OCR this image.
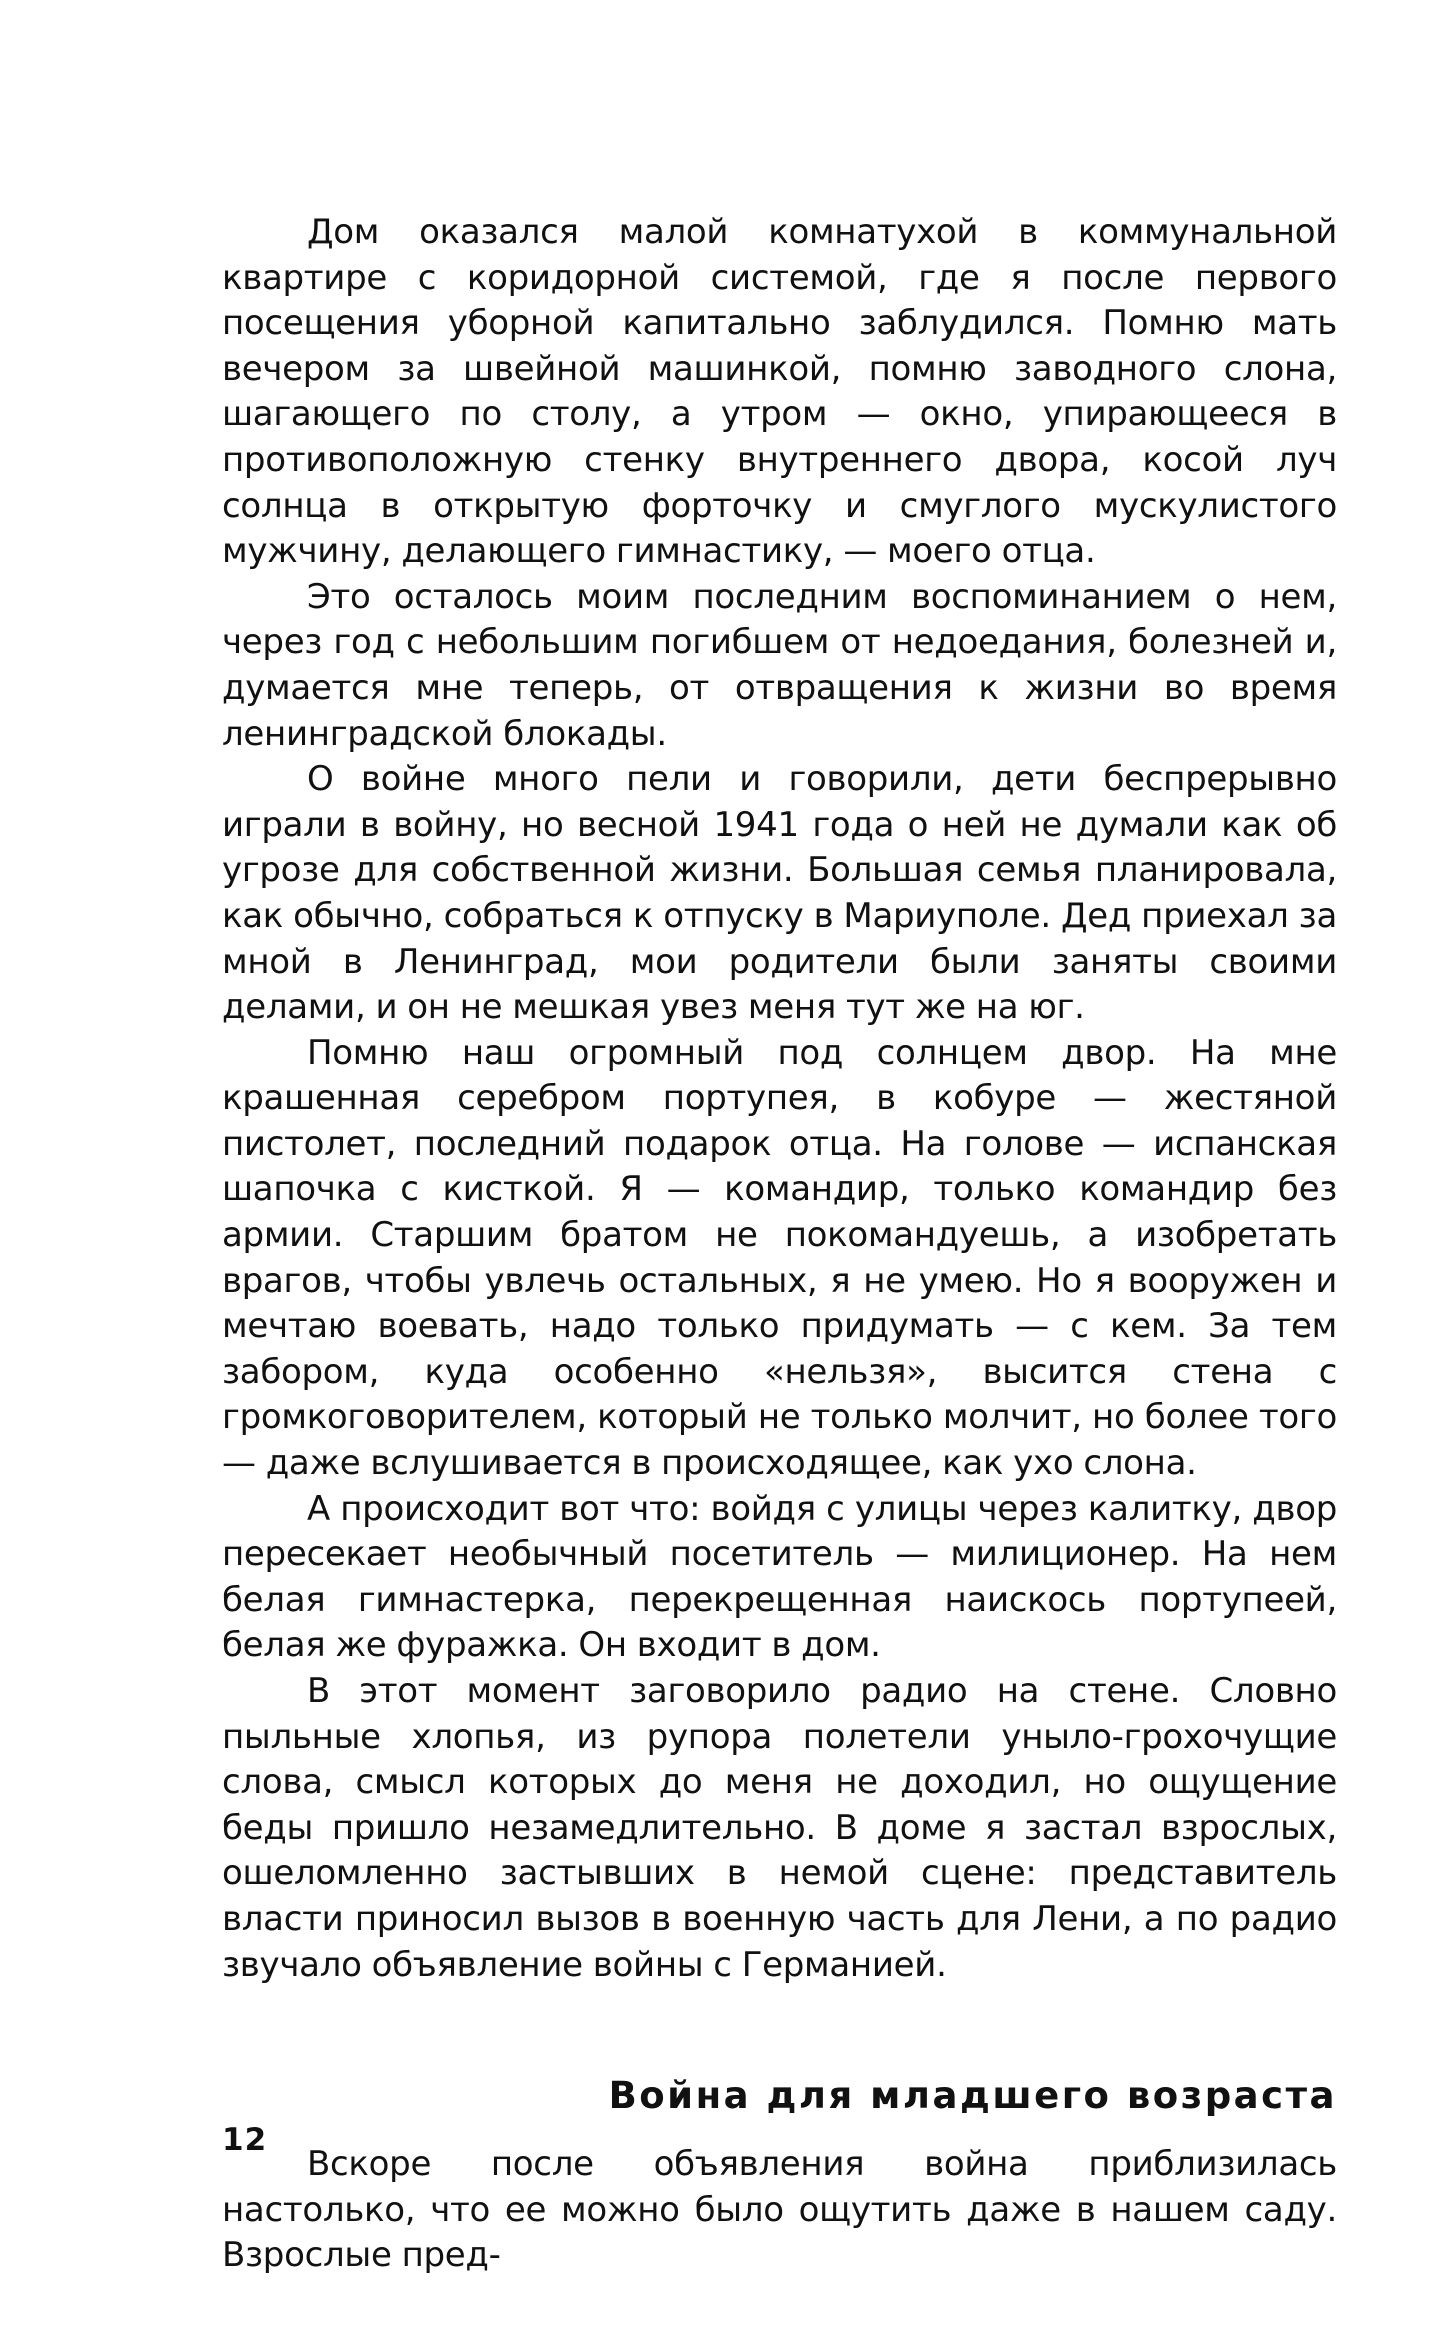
Дом оказался малой комнатухой в коммунальной квартире с коридорной системой, где я после первого посещения уборной капитально заблудился. Помню мать вечером за швейной машинкой, помню заводного слона, шагающего по столу, а утром — окно, упирающееся в противоположную стенку внутреннего двора, косой луч солнца в открытую форточку и смуглого мускулистого мужчину, делающего гимнастику, — моего отца.

Это осталось моим последним воспоминанием о нем, через год с небольшим погибшем от недоедания, болезней и, думается мне теперь, от отвращения к жизни во время ленинградской блокады.

О войне много пели и говорили, дети беспрерывно играли в войну, но весной 1941 года о ней не думали как об угрозе для собственной жизни. Большая семья планировала, как обычно, собраться к отпуску в Мариуполе. Дед приехал за мной в Ленинград, мои родители были заняты своими делами, и он не мешкая увез меня тут же на юг.

Помню наш огромный под солнцем двор. На мне крашенная серебром портупея, в кобуре — жестяной пистолет, последний подарок отца. На голове — испанская шапочка с кисткой. Я — командир, только командир без армии. Старшим братом не покомандуешь, а изобретать врагов, чтобы увлечь остальных, я не умею. Но я вооружен и мечтаю воевать, надо только придумать — с кем. За тем забором, куда особенно «нельзя», высится стена с громкоговорителем, который не только молчит, но более того — даже вслушивается в происходящее, как ухо слона.

А происходит вот что: войдя с улицы через калитку, двор пересекает необычный посетитель — милиционер. На нем белая гимнастерка, перекрещенная наискось портупеей, белая же фуражка. Он входит в дом.

В этот момент заговорило радио на стене. Словно пыльные хлопья, из рупора полетели уныло-грохочущие слова, смысл которых до меня не доходил, но ощущение беды пришло незамедлительно. В доме я застал взрослых, ошеломленно застывших в немой сцене: представитель власти приносил вызов в военную часть для Лени, а по радио звучало объявление войны с Германией.

Война для младшего возраста

Вскоре после объявления война приблизилась настолько, что ее можно было ощутить даже в нашем саду. Взрослые пред-

12
